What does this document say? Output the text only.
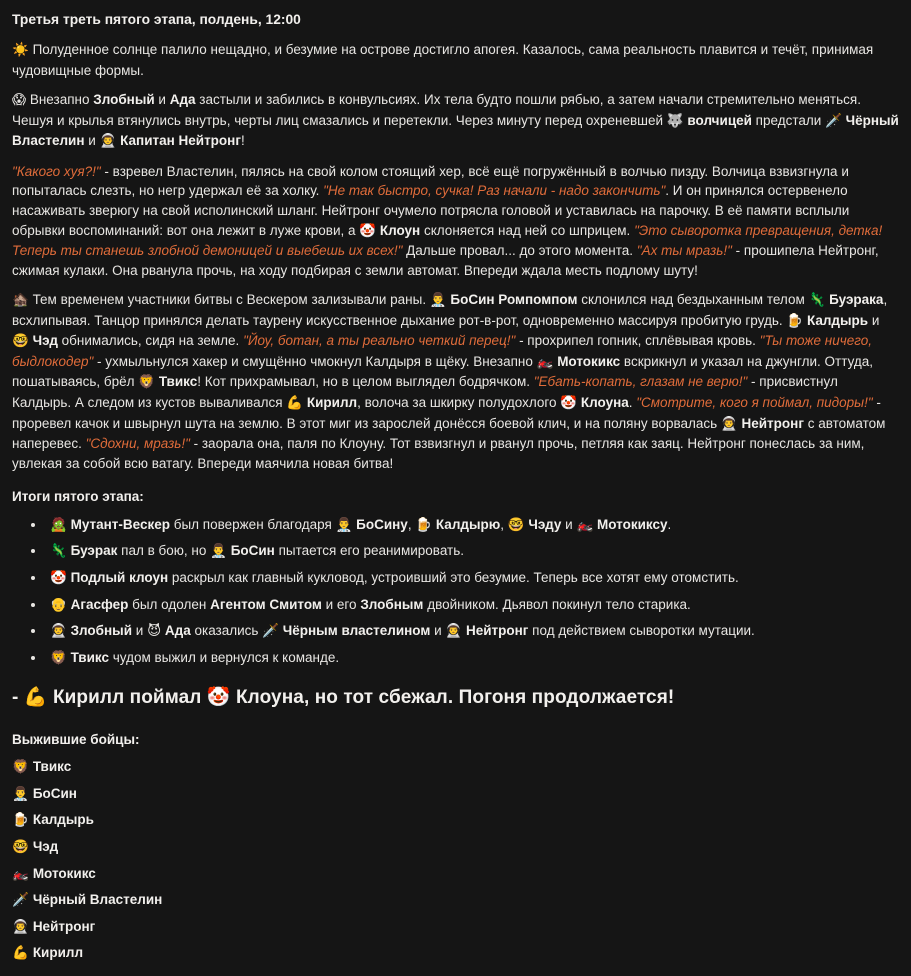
Третья треть пятого этапа, полдень, 12:00

☀️ Полуденное солнце палило нещадно, и безумие на острове достигло апогея. Казалось, сама реальность плавится и течёт, принимая чудовищные формы.

😱 Внезапно Злобный и Ада застыли и забились в конвульсиях. Их тела будто пошли рябью, а затем начали стремительно меняться. Чешуя и крылья втянулись внутрь, черты лиц смазались и перетекли. Через минуту перед охреневшей 🐺 волчицей предстали 🗡️ Чёрный Властелин и 👨‍🚀 Капитан Нейтронг!

"Какого хуя?!" - взревел Властелин, пялясь на свой колом стоящий хер, всё ещё погружённый в волчью пизду. Волчица взвизгнула и попыталась слезть, но негр удержал её за холку. "Не так быстро, сучка! Раз начали - надо закончить". И он принялся остервенело насаживать зверюгу на свой исполинский шланг. Нейтронг очумело потрясла головой и уставилась на парочку. В её памяти всплыли обрывки воспоминаний: вот она лежит в луже крови, а 🤡 Клоун склоняется над ней со шприцем. "Это сыворотка превращения, детка! Теперь ты станешь злобной демоницей и выебешь их всех!" Дальше провал... до этого момента. "Ах ты мразь!" - прошипела Нейтронг, сжимая кулаки. Она рванула прочь, на ходу подбирая с земли автомат. Впереди ждала месть подлому шуту!

🏚️ Тем временем участники битвы с Вескером зализывали раны. 👨‍⚕️ БоСин Ромпомпом склонился над бездыханным телом 🦎 Буэрака, всхлипывая. Танцор принялся делать таурену искусственное дыхание рот-в-рот, одновременно массируя пробитую грудь. 🍺 Калдырь и 🤓 Чэд обнимались, сидя на земле. "Йоу, ботан, а ты реально четкий перец!" - прохрипел гопник, сплёвывая кровь. "Ты тоже ничего, быдлокодер" - ухмыльнулся хакер и смущённо чмокнул Калдыря в щёку. Внезапно 🏍️ Мотокикс вскрикнул и указал на джунгли. Оттуда, пошатываясь, брёл 🦁 Твикс! Кот прихрамывал, но в целом выглядел бодрячком. "Ебать-копать, глазам не верю!" - присвистнул Калдырь. А следом из кустов вываливался 💪 Кирилл, волоча за шкирку полудохлого 🤡 Клоуна. "Смотрите, кого я поймал, пидоры!" - проревел качок и швырнул шута на землю. В этот миг из зарослей донёсся боевой клич, и на поляну ворвалась 👨‍🚀 Нейтронг с автоматом наперевес. "Сдохни, мразь!" - заорала она, паля по Клоуну. Тот взвизгнул и рванул прочь, петляя как заяц. Нейтронг понеслась за ним, увлекая за собой всю ватагу. Впереди маячила новая битва!

Итоги пятого этапа:
• 🧟 Мутант-Вескер был повержен благодаря 👨‍⚕️ БоСину, 🍺 Калдырю, 🤓 Чэду и 🏍️ Мотокиксу.
• 🦎 Буэрак пал в бою, но 👨‍⚕️ БоСин пытается его реанимировать.
• 🤡 Подлый клоун раскрыл как главный кукловод, устроивший это безумие. Теперь все хотят ему отомстить.
• 👴 Агасфер был одолен Агентом Смитом и его Злобным двойником. Дьявол покинул тело старика.
• 👨‍🚀 Злобный и 😈 Ада оказались 🗡️ Чёрным властелином и 👨‍🚀 Нейтронг под действием сыворотки мутации.
• 🦁 Твикс чудом выжил и вернулся к команде.
- 💪 Кирилл поймал 🤡 Клоуна, но тот сбежал. Погоня продолжается!
Выжившие бойцы:
🦁 Твикс
👨‍⚕️ БоСин
🍺 Калдырь
🤓 Чэд
🏍️ Мотокикс
🗡️ Чёрный Властелин
👨‍🚀 Нейтронг
💪 Кирилл
